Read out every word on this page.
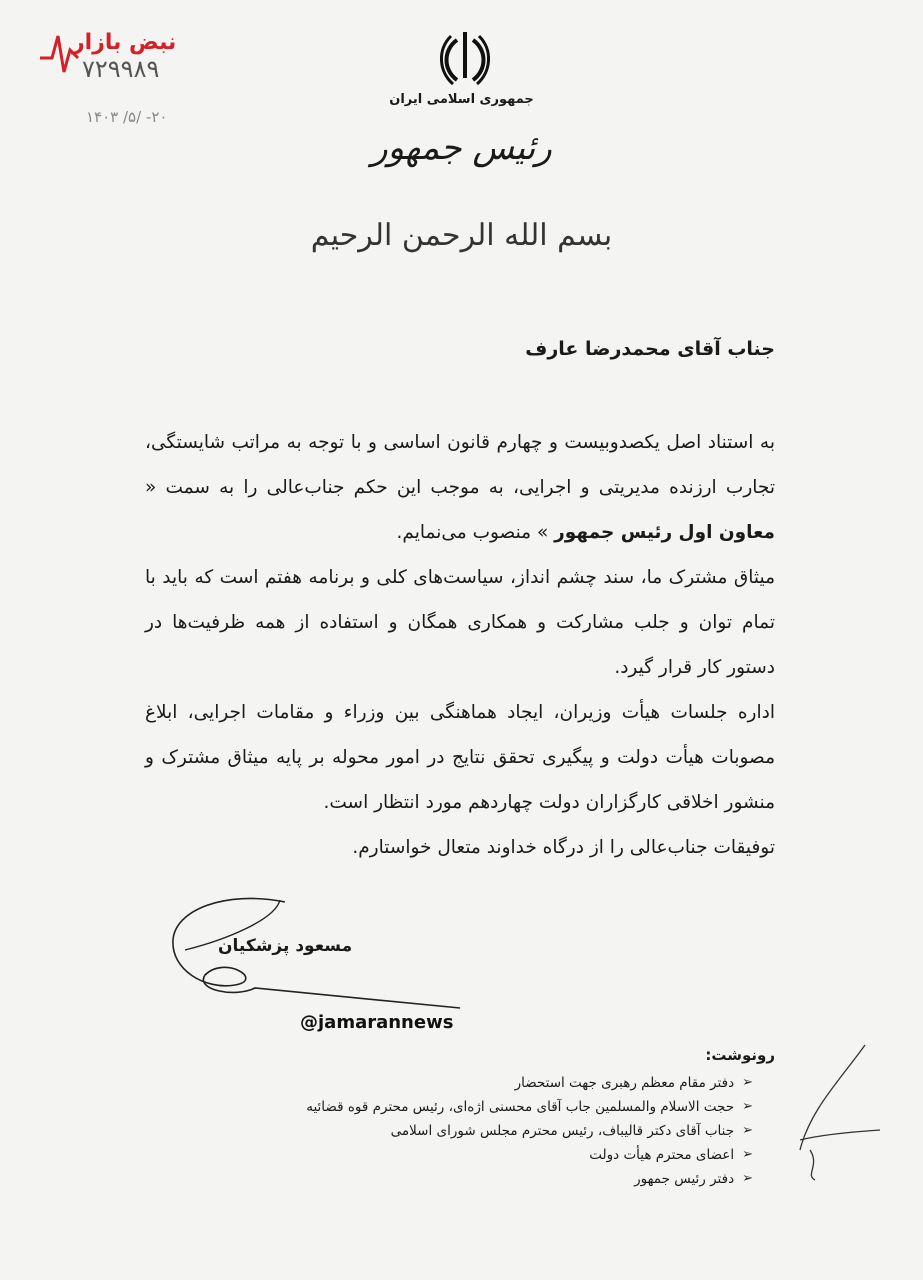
نبض بازار
۷۲۹۹۸۹
۱۴۰۳ /۵/ -۲۰
جمهوری اسلامی ایران
رئیس جمهور
بسم الله الرحمن الرحیم
جناب آقای محمدرضا عارف

به استناد اصل یکصدوبیست و چهارم قانون اساسی و با توجه به مراتب شایستگی، تجارب ارزنده مدیریتی و اجرایی، به موجب این حکم جناب‌عالی را به سمت « معاون اول رئیس جمهور » منصوب می‌نمایم.

میثاق مشترک ما، سند چشم انداز، سیاست‌های کلی و برنامه هفتم است که باید با تمام توان و جلب مشارکت و همکاری همگان و استفاده از همه ظرفیت‌ها در دستور کار قرار گیرد.

اداره جلسات هیأت وزیران، ایجاد هماهنگی بین وزراء و مقامات اجرایی، ابلاغ مصوبات هیأت دولت و پیگیری تحقق نتایج در امور محوله بر پایه میثاق مشترک و منشور اخلاقی کارگزاران دولت چهاردهم مورد انتظار است.

توفیقات جناب‌عالی را از درگاه خداوند متعال خواستارم.

مسعود پزشکیان
@jamarannews
رونوشت:
➢
دفتر مقام معظم رهبری جهت استحضار
➢
حجت الاسلام والمسلمین جاب آقای محسنی اژه‌ای، رئیس محترم قوه قضائیه
➢
جناب آقای دکتر قالیباف، رئیس محترم مجلس شورای اسلامی
➢
اعضای محترم هیأت دولت
➢
دفتر رئیس جمهور
